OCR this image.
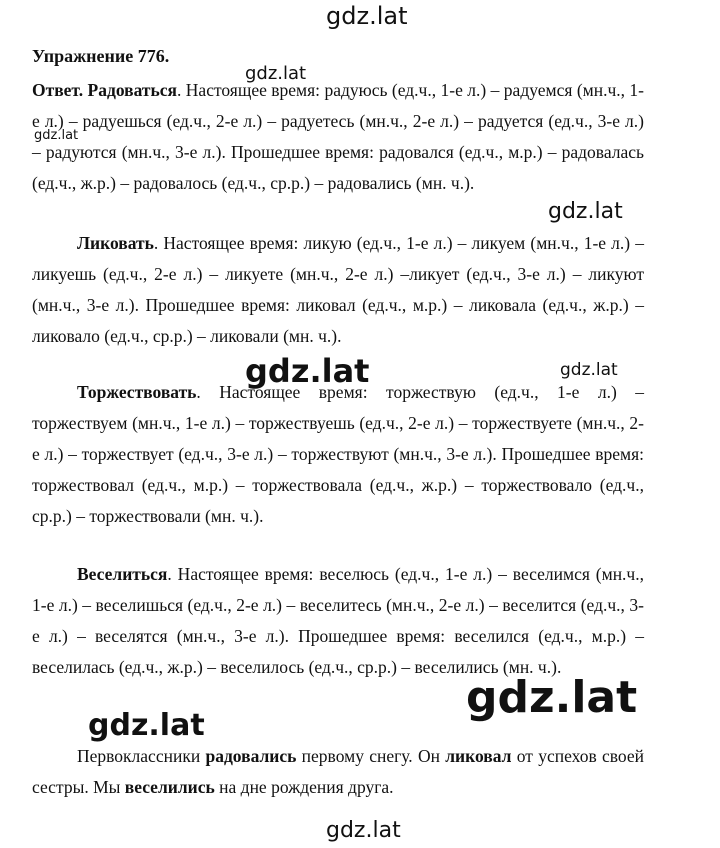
gdz.lat
gdz.lat
gdz.lat
gdz.lat
gdz.lat	gdz.lat
gdz.lat
gdz.lat
gdz.lat
Упражнение 776.

Ответ. Радоваться. Настоящее время: радуюсь (ед.ч., 1-е л.) – радуемся (мн.ч., 1-е л.) – радуешься (ед.ч., 2-е л.) – радуетесь (мн.ч., 2-е л.) – радуется (ед.ч., 3-е л.) – радуются (мн.ч., 3-е л.). Прошедшее время: радовался (ед.ч., м.р.) – радовалась (ед.ч., ж.р.) – радовалось (ед.ч., ср.р.) – радовались (мн. ч.).

Ликовать. Настоящее время: ликую (ед.ч., 1-е л.) – ликуем (мн.ч., 1-е л.) – ликуешь (ед.ч., 2-е л.) – ликуете (мн.ч., 2-е л.) –ликует (ед.ч., 3-е л.) – ликуют (мн.ч., 3-е л.). Прошедшее время: ликовал (ед.ч., м.р.) – ликовала (ед.ч., ж.р.) – ликовало (ед.ч., ср.р.) – ликовали (мн. ч.).

Торжествовать. Настоящее время: торжествую (ед.ч., 1-е л.) – торжествуем (мн.ч., 1-е л.) – торжествуешь (ед.ч., 2-е л.) – торжествуете (мн.ч., 2-е л.) – торжествует (ед.ч., 3-е л.) – торжествуют (мн.ч., 3-е л.). Прошедшее время: торжествовал (ед.ч., м.р.) – торжествовала (ед.ч., ж.р.) – торжествовало (ед.ч., ср.р.) – торжествовали (мн. ч.).

Веселиться. Настоящее время: веселюсь (ед.ч., 1-е л.) – веселимся (мн.ч., 1-е л.) – веселишься (ед.ч., 2-е л.) – веселитесь (мн.ч., 2-е л.) – веселится (ед.ч., 3-е л.) – веселятся (мн.ч., 3-е л.). Прошедшее время: веселился (ед.ч., м.р.) – веселилась (ед.ч., ж.р.) – веселилось (ед.ч., ср.р.) – веселились (мн. ч.).

Первоклассники радовались первому снегу. Он ликовал от успехов своей сестры. Мы веселились на дне рождения друга.
